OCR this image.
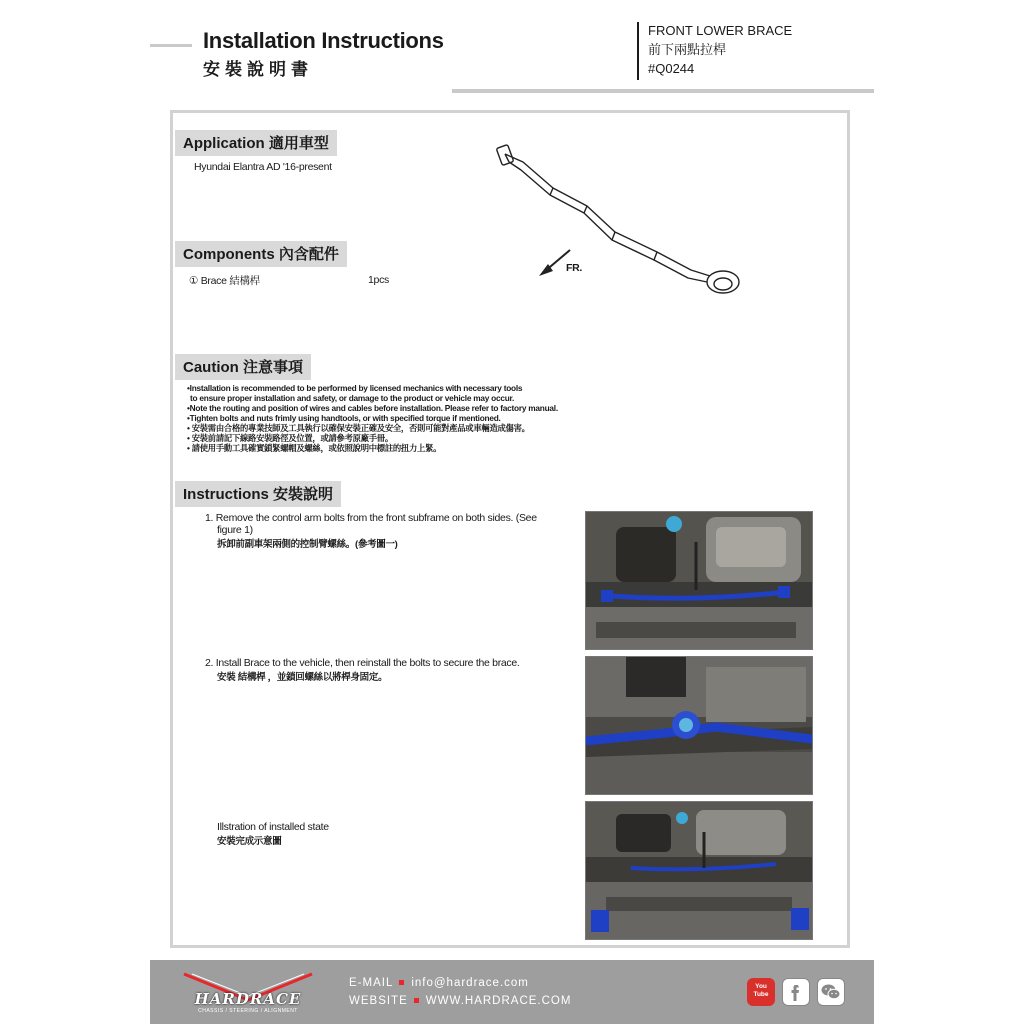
Installation Instructions
安裝說明書
FRONT LOWER BRACE
前下兩點拉桿
#Q0244
Application 適用車型
Hyundai Elantra AD '16-present
FR.
Components 內含配件
① Brace 結構桿	1pcs
Caution 注意事項
•Installation is recommended to be performed by licensed mechanics with necessary tools
to ensure proper installation and safety, or damage to the product or vehicle may occur.
•Note the routing and position of wires and cables before installation. Please refer to factory manual.
•Tighten bolts and nuts frimly using handtools, or with specified torque if mentioned.
• 安裝需由合格的專業技師及工具執行以確保安裝正確及安全，否則可能對產品或車輛造成傷害。
• 安裝前請記下線路安裝路徑及位置，或請參考原廠手冊。
• 請使用手動工具確實鎖緊螺帽及螺絲，或依照說明中標註的扭力上緊。
Instructions 安裝說明
1. Remove the control arm bolts from the front subframe on both sides. (See
figure 1)
拆卸前副車架兩側的控制臂螺絲。(參考圖一)
2. Install Brace to the vehicle, then reinstall the bolts to secure the brace.
安裝 結構桿 ，並鎖回螺絲以將桿身固定。
Illstration of installed state
安裝完成示意圖
HARDRACE
CHASSIS / STEERING / ALIGNMENT
E-MAIL info@hardrace.com
WEBSITE WWW.HARDRACE.COM
You Tube
